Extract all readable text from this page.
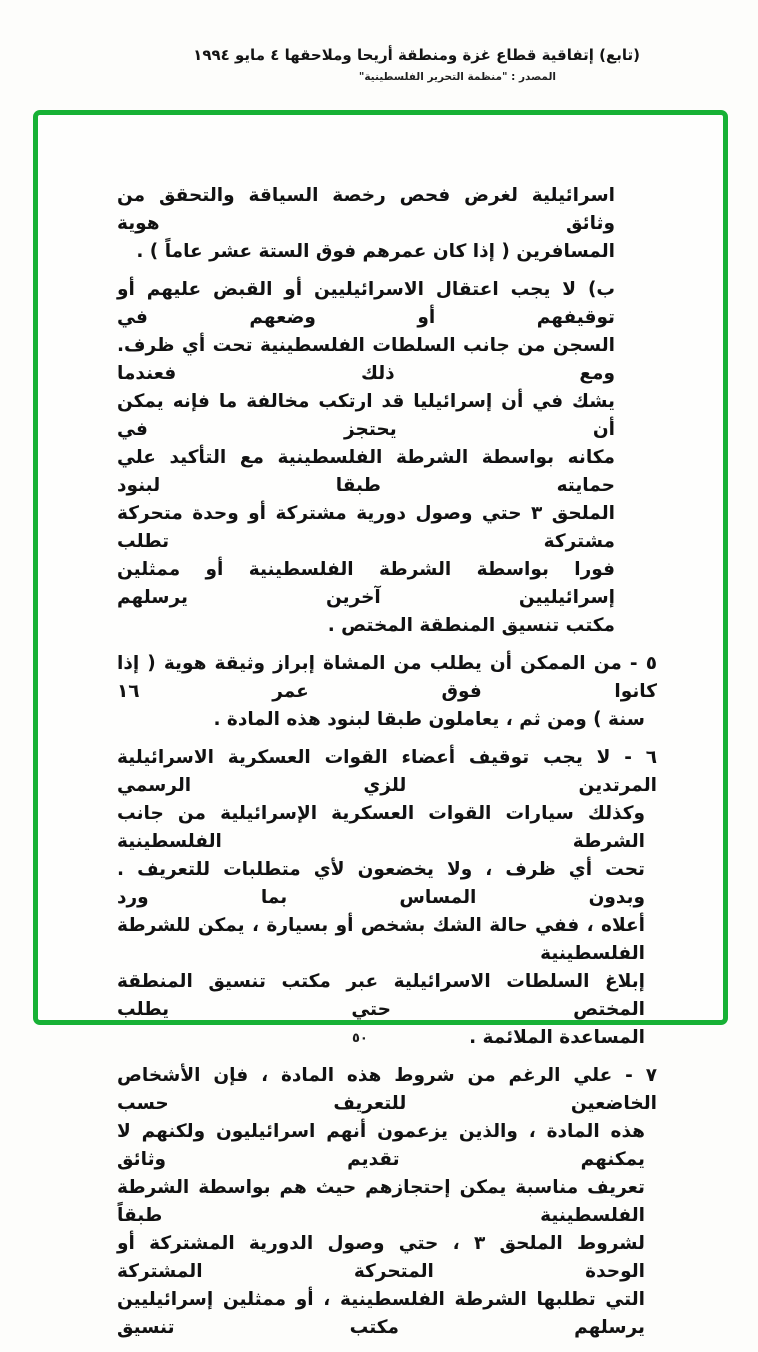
(تابع) إتفاقية قطاع غزة ومنطقة أريحا وملاحقها ٤ مايو ١٩٩٤
المصدر : "منظمة التحرير الفلسطينية"
اسرائيلية لغرض فحص رخصة السياقة والتحقق من وثائق هوية
المسافرين ( إذا كان عمرهم فوق الستة عشر عاماً ) .
ب) لا يجب اعتقال الاسرائيليين أو القبض عليهم أو توقيفهم أو وضعهم في
السجن من جانب السلطات الفلسطينية تحت أي ظرف. ومع ذلك فعندما
يشك في أن إسرائيليا قد ارتكب مخالفة ما فإنه يمكن أن يحتجز في
مكانه بواسطة الشرطة الفلسطينية مع التأكيد علي حمايته طبقا لبنود
الملحق ٣ حتي وصول دورية مشتركة أو وحدة متحركة مشتركة تطلب
فورا بواسطة الشرطة الفلسطينية أو ممثلين إسرائيليين آخرين يرسلهم
مكتب تنسيق المنطقة المختص .
٥ - من الممكن أن يطلب من المشاة إبراز وثيقة هوية ( إذا كانوا فوق عمر ١٦
سنة ) ومن ثم ، يعاملون طبقا لبنود هذه المادة .
٦ - لا يجب توقيف أعضاء القوات العسكرية الاسرائيلية المرتدين للزي الرسمي
وكذلك سيارات القوات العسكرية الإسرائيلية من جانب الشرطة الفلسطينية
تحت أي ظرف ، ولا يخضعون لأي متطلبات للتعريف . وبدون المساس بما ورد
أعلاه ، ففي حالة الشك بشخص أو بسيارة ، يمكن للشرطة الفلسطينية
إبلاغ السلطات الاسرائيلية عبر مكتب تنسيق المنطقة المختص حتي يطلب
المساعدة الملائمة .
٧ - علي الرغم من شروط هذه المادة ، فإن الأشخاص الخاضعين للتعريف حسب
هذه المادة ، والذين يزعمون أنهم اسرائيليون ولكنهم لا يمكنهم تقديم وثائق
تعريف مناسبة يمكن إحتجازهم حيث هم بواسطة الشرطة الفلسطينية طبقاً
لشروط الملحق ٣ ، حتي وصول الدورية المشتركة أو الوحدة المتحركة المشتركة
التي تطلبها الشرطة الفلسطينية ، أو ممثلين إسرائيليين يرسلهم مكتب تنسيق
٥٠
